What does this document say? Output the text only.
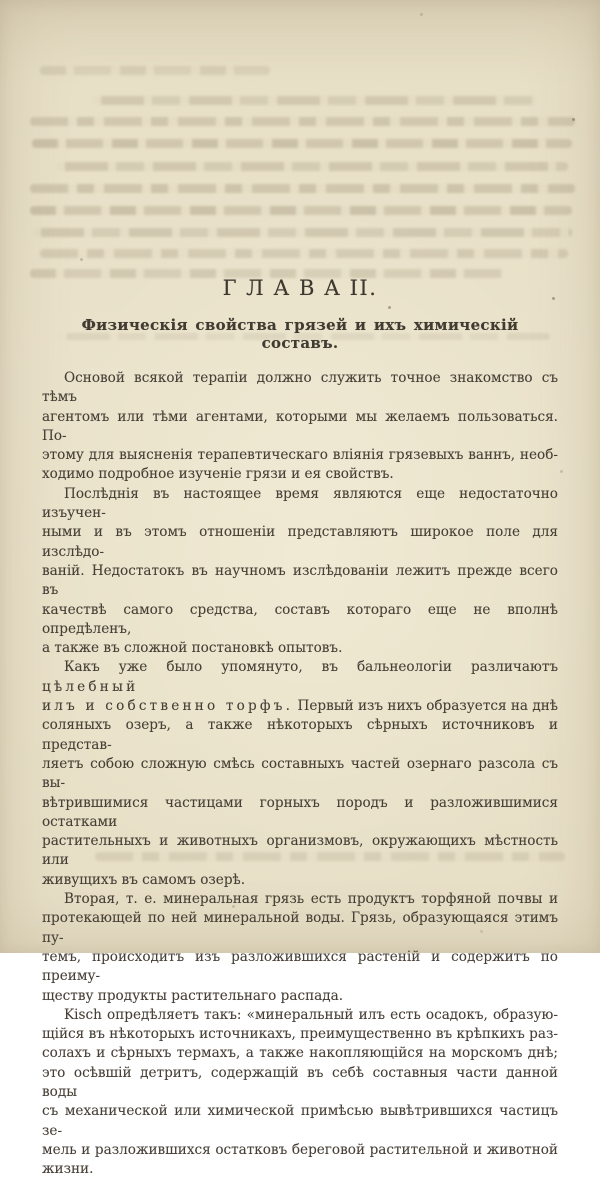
Г Л А В А II.
Физическія свойства грязей и ихъ химическій составъ.
Основой всякой терапіи должно служить точное знакомство съ тѣмъ
агентомъ или тѣми агентами, которыми мы желаемъ пользоваться. По-
этому для выясненія терапевтическаго вліянія грязевыхъ ваннъ, необ-
ходимо подробное изученіе грязи и ея свойствъ.
Послѣднія въ настоящее время являются еще недостаточно изъучен-
ными и въ этомъ отношеніи представляютъ широкое поле для изслѣдо-
ваній. Недостатокъ въ научномъ изслѣдованіи лежитъ прежде всего въ
качествѣ самого средства, составъ котораго еще не вполнѣ опредѣленъ,
а также въ сложной постановкѣ опытовъ.
Какъ уже было упомянуто, въ бальнеологіи различаютъ цѣлебный
илъ и собственно торфъ. Первый изъ нихъ образуется на днѣ
соляныхъ озеръ, а также нѣкоторыхъ сѣрныхъ источниковъ и представ-
ляетъ собою сложную смѣсь составныхъ частей озернаго разсола съ вы-
вѣтрившимися частицами горныхъ породъ и разложившимися остатками
растительныхъ и животныхъ организмовъ, окружающихъ мѣстность или
живущихъ въ самомъ озерѣ.
Вторая, т. е. минеральная грязь есть продуктъ торфяной почвы и
протекающей по ней минеральной воды. Грязь, образующаяся этимъ пу-
темъ, происходитъ изъ разложившихся растеній и содержитъ по преиму-
ществу продукты растительнаго распада.
Kisch опредѣляетъ такъ: «минеральный илъ есть осадокъ, образую-
щійся въ нѣкоторыхъ источникахъ, преимущественно въ крѣпкихъ раз-
солахъ и сѣрныхъ термахъ, а также накопляющійся на морскомъ днѣ;
это осѣвшій детритъ, содержащій въ себѣ составныя части данной воды
съ механической или химической примѣсью вывѣтрившихся частицъ зе-
мель и разложившихся остатковъ береговой растительной и животной
жизни.
